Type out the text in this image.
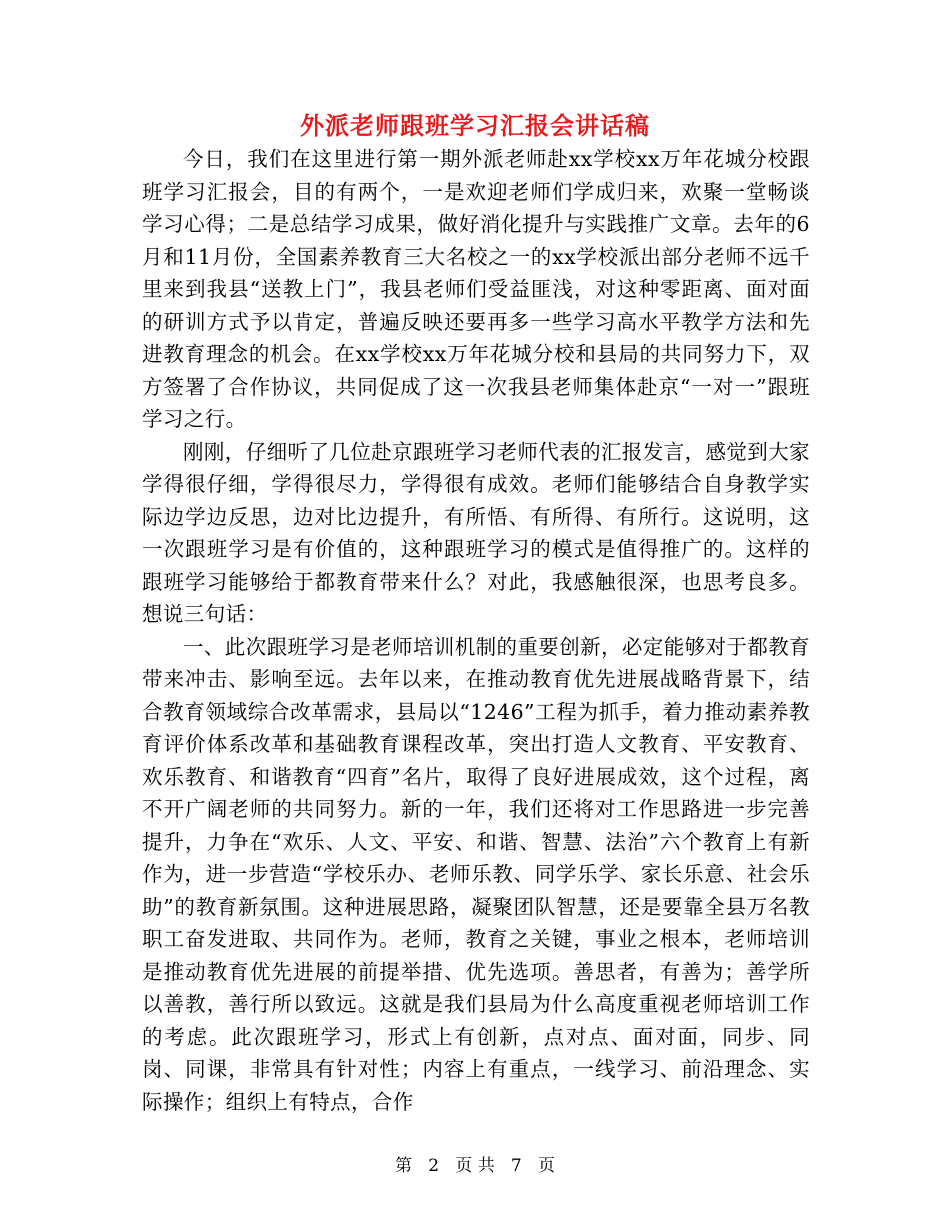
外派老师跟班学习汇报会讲话稿

今日，我们在这里进行第一期外派老师赴xx学校xx万年花城分校跟班学习汇报会，目的有两个，一是欢迎老师们学成归来，欢聚一堂畅谈学习心得；二是总结学习成果，做好消化提升与实践推广文章。去年的6月和11月份，全国素养教育三大名校之一的xx学校派出部分老师不远千里来到我县“送教上门”，我县老师们受益匪浅，对这种零距离、面对面的研训方式予以肯定，普遍反映还要再多一些学习高水平教学方法和先进教育理念的机会。在xx学校xx万年花城分校和县局的共同努力下，双方签署了合作协议，共同促成了这一次我县老师集体赴京“一对一”跟班学习之行。

刚刚，仔细听了几位赴京跟班学习老师代表的汇报发言，感觉到大家学得很仔细，学得很尽力，学得很有成效。老师们能够结合自身教学实际边学边反思，边对比边提升，有所悟、有所得、有所行。这说明，这一次跟班学习是有价值的，这种跟班学习的模式是值得推广的。这样的跟班学习能够给于都教育带来什么？对此，我感触很深，也思考良多。想说三句话：

一、此次跟班学习是老师培训机制的重要创新，必定能够对于都教育带来冲击、影响至远。去年以来，在推动教育优先进展战略背景下，结合教育领域综合改革需求，县局以“1246”工程为抓手，着力推动素养教育评价体系改革和基础教育课程改革，突出打造人文教育、平安教育、欢乐教育、和谐教育“四育”名片，取得了良好进展成效，这个过程，离不开广阔老师的共同努力。新的一年，我们还将对工作思路进一步完善提升，力争在“欢乐、人文、平安、和谐、智慧、法治”六个教育上有新作为，进一步营造“学校乐办、老师乐教、同学乐学、家长乐意、社会乐助”的教育新氛围。这种进展思路，凝聚团队智慧，还是要靠全县万名教职工奋发进取、共同作为。老师，教育之关键，事业之根本，老师培训是推动教育优先进展的前提举措、优先选项。善思者，有善为；善学所以善教，善行所以致远。这就是我们县局为什么高度重视老师培训工作的考虑。此次跟班学习，形式上有创新，点对点、面对面，同步、同岗、同课，非常具有针对性；内容上有重点，一线学习、前沿理念、实际操作；组织上有特点，合作

第 2 页 共 7 页
